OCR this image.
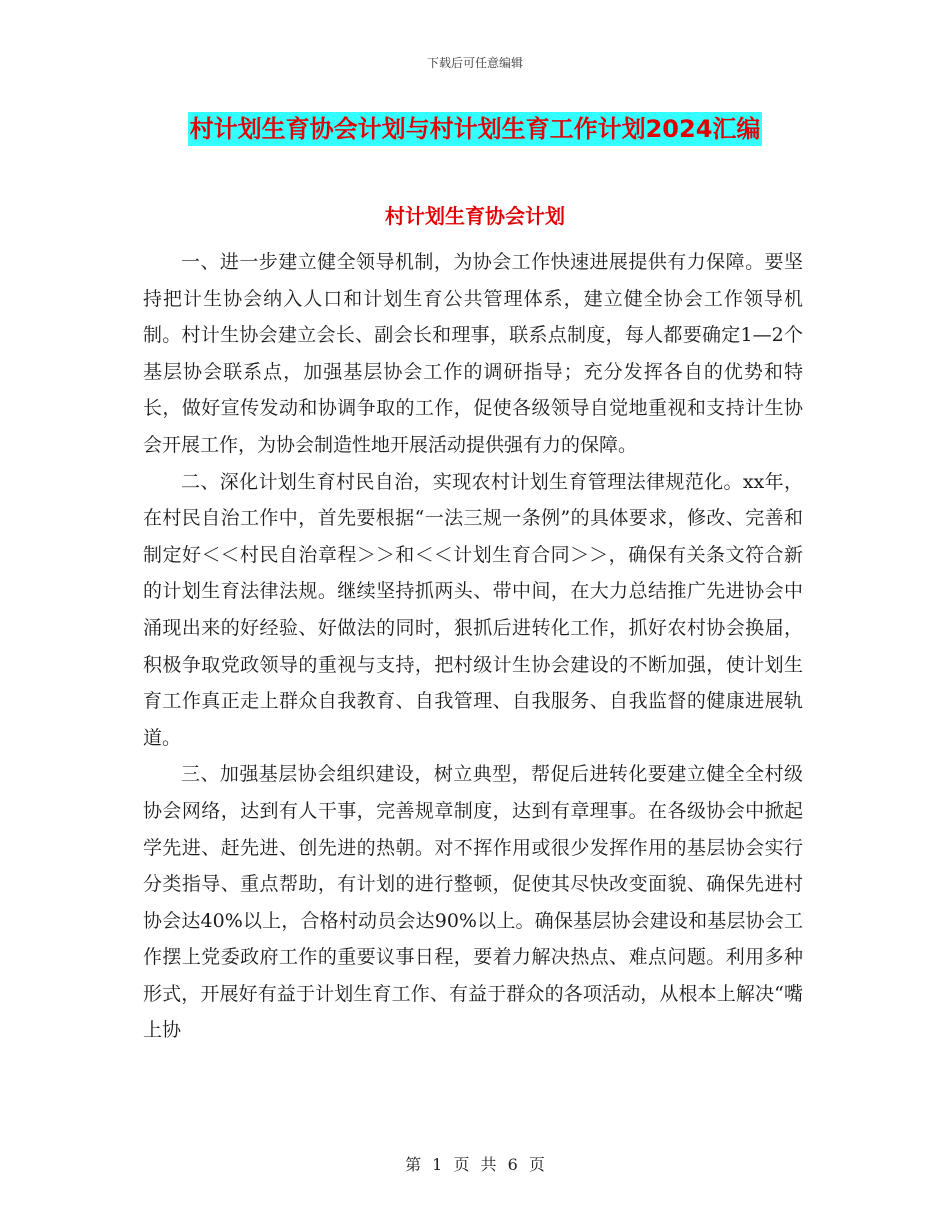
下载后可任意编辑
村计划生育协会计划与村计划生育工作计划2024汇编
村计划生育协会计划

一、进一步建立健全领导机制，为协会工作快速进展提供有力保障。要坚持把计生协会纳入人口和计划生育公共管理体系，建立健全协会工作领导机制。村计生协会建立会长、副会长和理事，联系点制度，每人都要确定1—2个基层协会联系点，加强基层协会工作的调研指导；充分发挥各自的优势和特长，做好宣传发动和协调争取的工作，促使各级领导自觉地重视和支持计生协会开展工作，为协会制造性地开展活动提供强有力的保障。

二、深化计划生育村民自治，实现农村计划生育管理法律规范化。xx年，在村民自治工作中，首先要根据“一法三规一条例”的具体要求，修改、完善和制定好＜＜村民自治章程＞＞和＜＜计划生育合同＞＞，确保有关条文符合新的计划生育法律法规。继续坚持抓两头、带中间，在大力总结推广先进协会中涌现出来的好经验、好做法的同时，狠抓后进转化工作，抓好农村协会换届，积极争取党政领导的重视与支持，把村级计生协会建设的不断加强，使计划生育工作真正走上群众自我教育、自我管理、自我服务、自我监督的健康进展轨道。

三、加强基层协会组织建设，树立典型，帮促后进转化要建立健全全村级协会网络，达到有人干事，完善规章制度，达到有章理事。在各级协会中掀起学先进、赶先进、创先进的热朝。对不挥作用或很少发挥作用的基层协会实行分类指导、重点帮助，有计划的进行整顿，促使其尽快改变面貌、确保先进村协会达40%以上，合格村动员会达90%以上。确保基层协会建设和基层协会工作摆上党委政府工作的重要议事日程，要着力解决热点、难点问题。利用多种形式，开展好有益于计划生育工作、有益于群众的各项活动，从根本上解决“嘴上协

第 1 页 共 6 页
